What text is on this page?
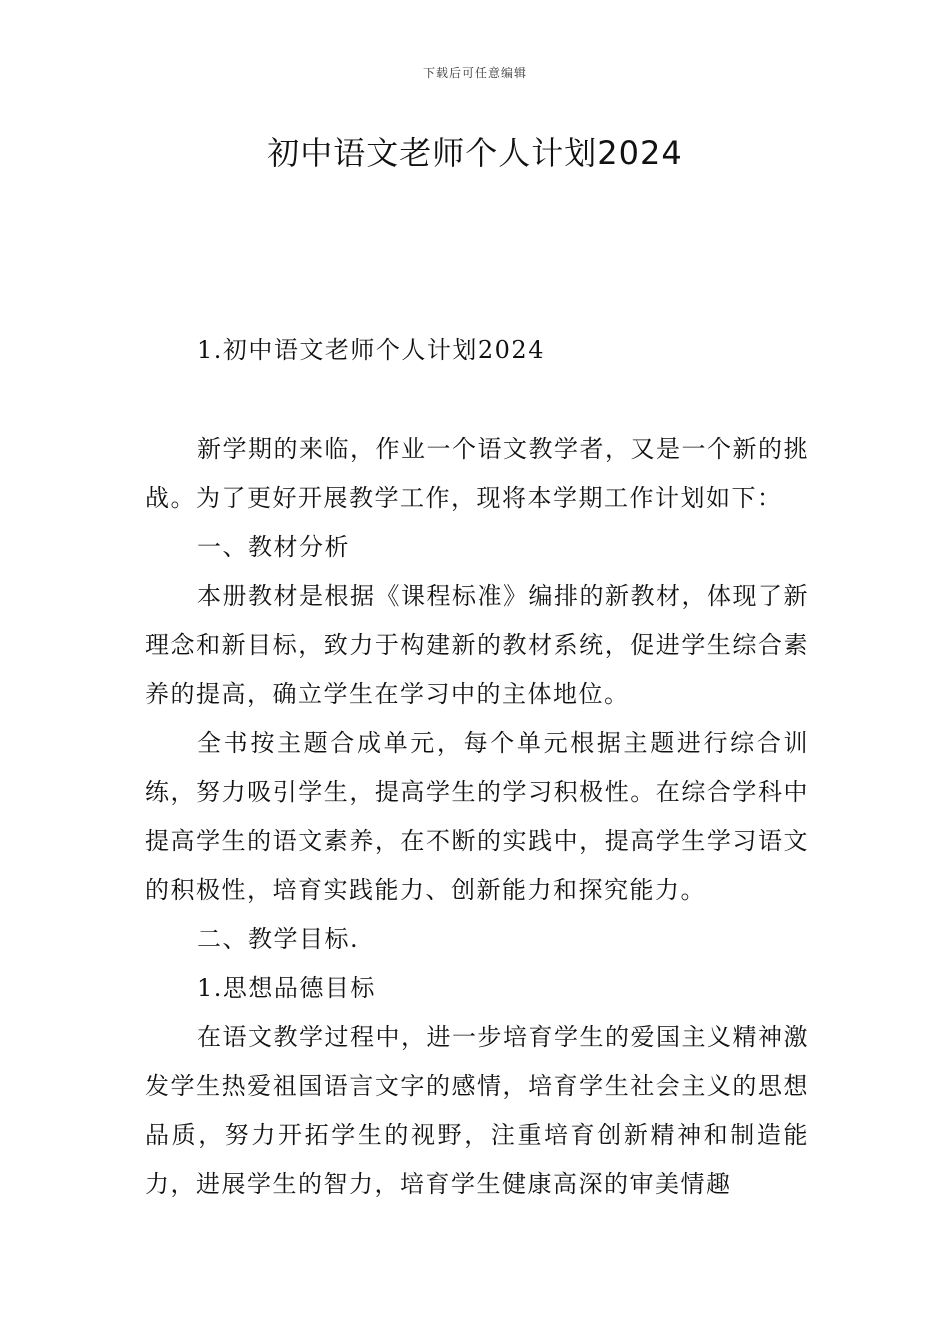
下载后可任意编辑
初中语文老师个人计划2024

1.初中语文老师个人计划2024

新学期的来临，作业一个语文教学者，又是一个新的挑战。为了更好开展教学工作，现将本学期工作计划如下：

一、教材分析

本册教材是根据《课程标准》编排的新教材，体现了新理念和新目标，致力于构建新的教材系统，促进学生综合素养的提高，确立学生在学习中的主体地位。

全书按主题合成单元，每个单元根据主题进行综合训练，努力吸引学生，提高学生的学习积极性。在综合学科中提高学生的语文素养，在不断的实践中，提高学生学习语文的积极性，培育实践能力、创新能力和探究能力。

二、教学目标.

1.思想品德目标

在语文教学过程中，进一步培育学生的爱国主义精神激发学生热爱祖国语言文字的感情，培育学生社会主义的思想品质，努力开拓学生的视野，注重培育创新精神和制造能力，进展学生的智力，培育学生健康高深的审美情趣
